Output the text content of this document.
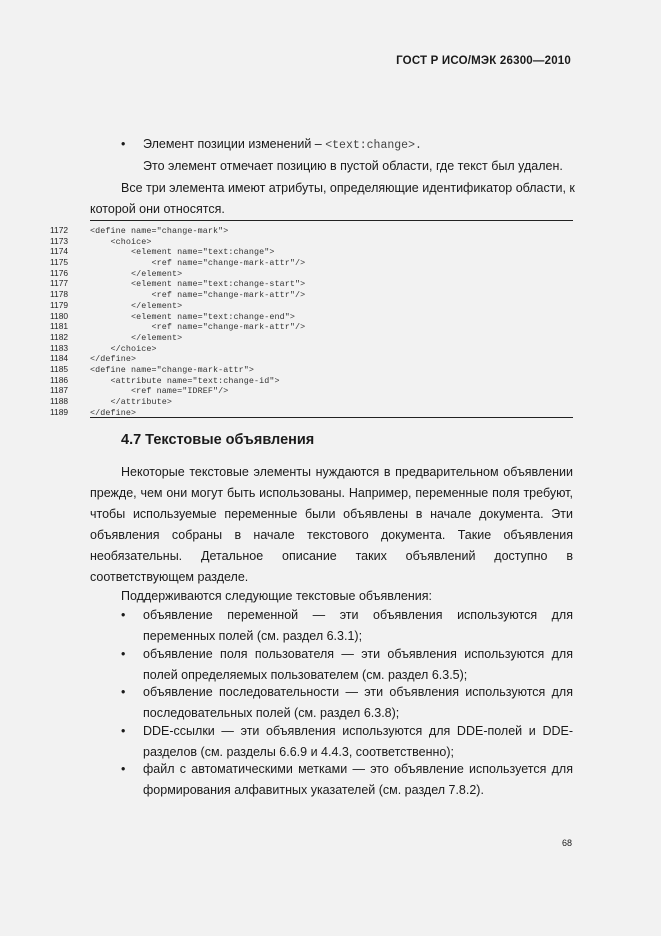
ГОСТ Р ИСО/МЭК 26300—2010
• Элемент позиции изменений – <text:change>.

Это элемент отмечает позицию в пустой области, где текст был удален.

Все три элемента имеют атрибуты, определяющие идентификатор области, к

которой они относятся.

1172	<define name="change-mark">
1173	<choice>
1174	<element name="text:change">
1175	<ref name="change-mark-attr"/>
1176	</element>
1177	<element name="text:change-start">
1178	<ref name="change-mark-attr"/>
1179	</element>
1180	<element name="text:change-end">
1181	<ref name="change-mark-attr"/>
1182	</element>
1183	</choice>
1184	</define>
1185	<define name="change-mark-attr">
1186	<attribute name="text:change-id">
1187	<ref name="IDREF"/>
1188	</attribute>
1189	</define>
4.7 Текстовые объявления

Некоторые текстовые элементы нуждаются в предварительном объявлении

прежде, чем они могут быть использованы. Например, переменные поля требуют,

чтобы используемые переменные были объявлены в начале документа. Эти

объявления собраны в начале текстового документа. Такие объявления

необязательны. Детальное описание таких объявлений доступно в

соответствующем разделе.

Поддерживаются следующие текстовые объявления:

• объявление переменной — эти объявления используются для

переменных полей (см. раздел 6.3.1);

• объявление поля пользователя — эти объявления используются для

полей определяемых пользователем (см. раздел 6.3.5);

• объявление последовательности — эти объявления используются для

последовательных полей (см. раздел 6.3.8);

• DDE-ссылки — эти объявления используются для DDE-полей и DDE-

разделов (см. разделы 6.6.9 и 4.4.3, соответственно);

• файл с автоматическими метками — это объявление используется для

формирования алфавитных указателей (см. раздел 7.8.2).

68
